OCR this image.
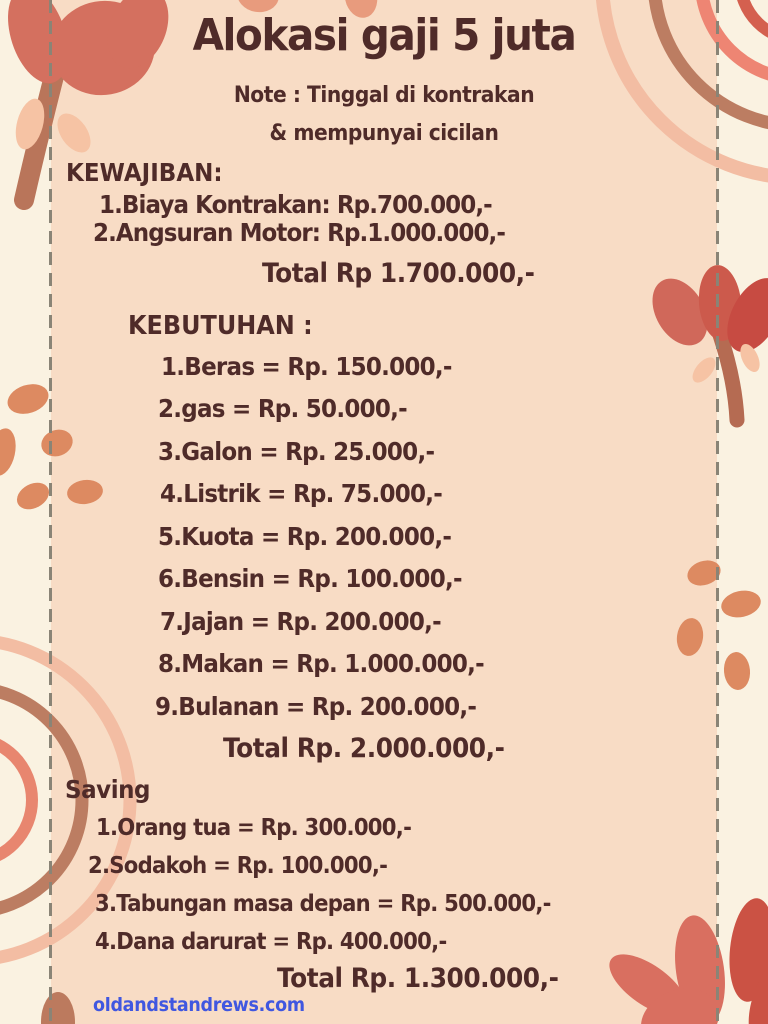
Alokasi gaji 5 juta
Note : Tinggal di kontrakan
& mempunyai cicilan
KEWAJIBAN:
1.Biaya Kontrakan: Rp.700.000,-
2.Angsuran Motor: Rp.1.000.000,-
Total Rp 1.700.000,-
KEBUTUHAN :
1.Beras = Rp. 150.000,-
2.gas = Rp. 50.000,-
3.Galon = Rp. 25.000,-
4.Listrik = Rp. 75.000,-
5.Kuota = Rp. 200.000,-
6.Bensin = Rp. 100.000,-
7.Jajan = Rp. 200.000,-
8.Makan = Rp. 1.000.000,-
9.Bulanan = Rp. 200.000,-
Total Rp. 2.000.000,-
Saving
1.Orang tua = Rp. 300.000,-
2.Sodakoh = Rp. 100.000,-
3.Tabungan masa depan = Rp. 500.000,-
4.Dana darurat = Rp. 400.000,-
Total Rp. 1.300.000,-
oldandstandrews.com
